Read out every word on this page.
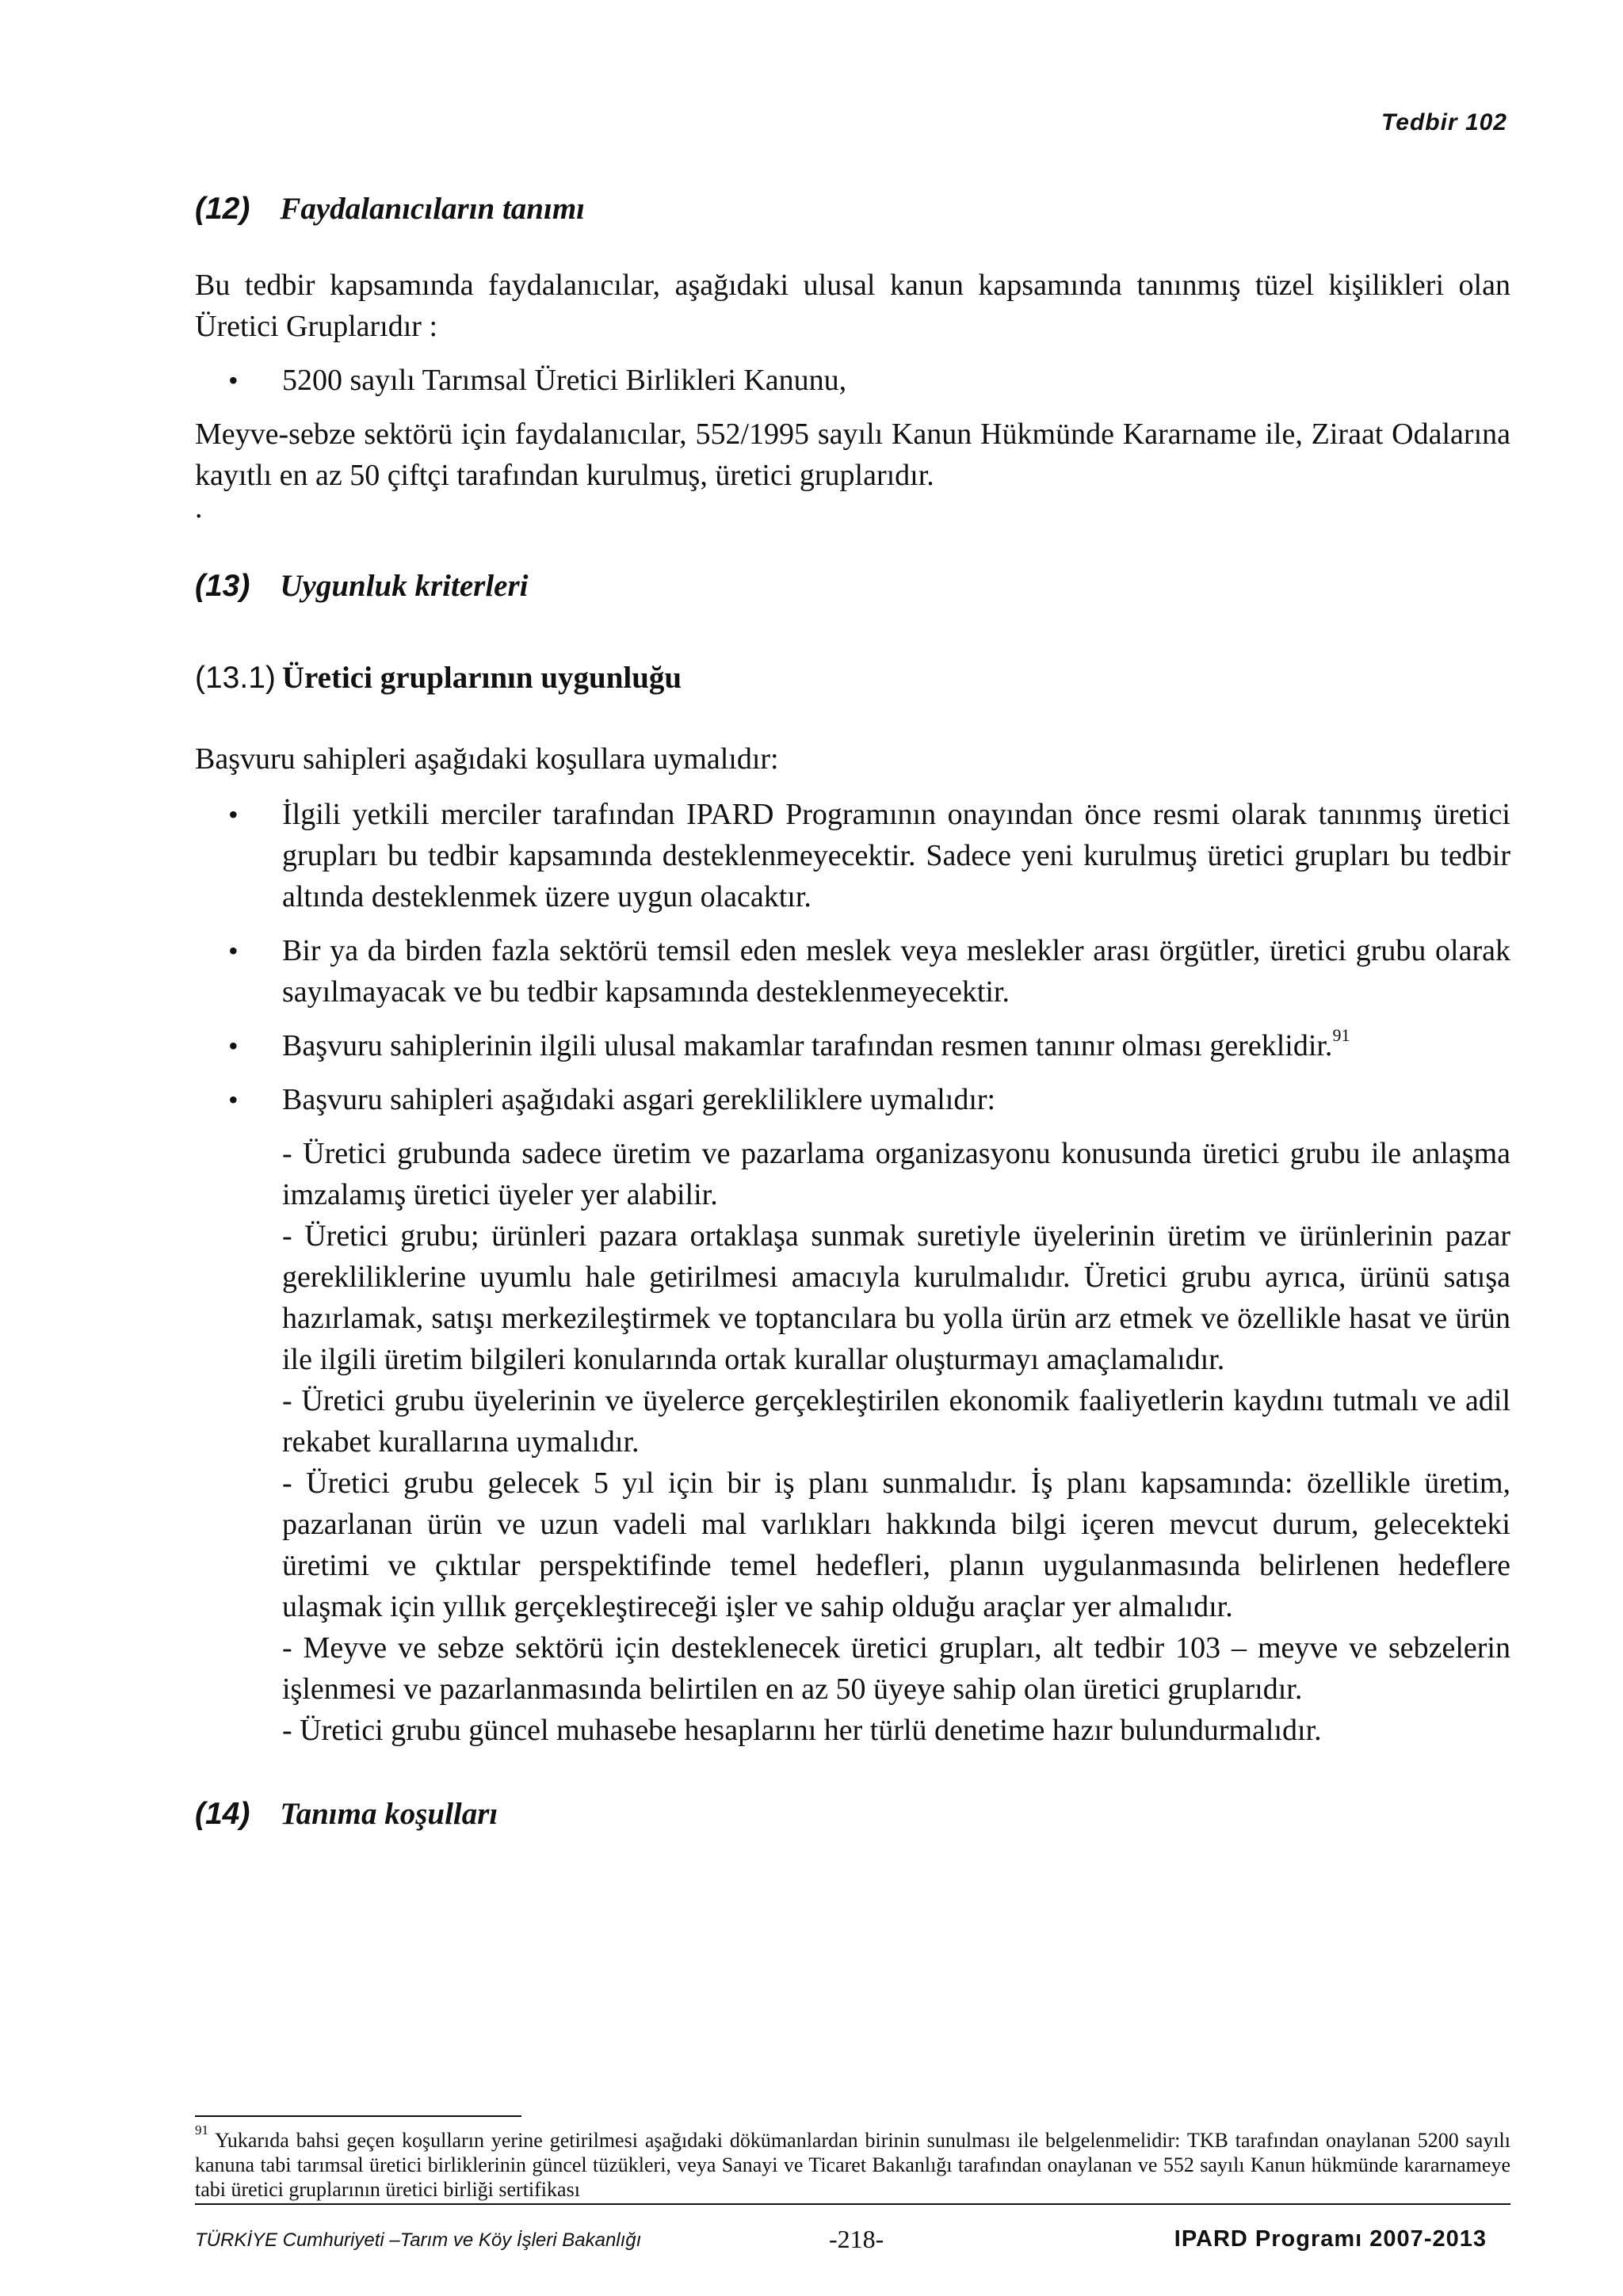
Tedbir 102
(12) Faydalanıcıların tanımı

Bu tedbir kapsamında faydalanıcılar, aşağıdaki ulusal kanun kapsamında tanınmış tüzel kişilikleri olan Üretici Gruplarıdır :

• 5200 sayılı Tarımsal Üretici Birlikleri Kanunu,

Meyve-sebze sektörü için faydalanıcılar, 552/1995 sayılı Kanun Hükmünde Kararname ile, Ziraat Odalarına kayıtlı en az 50 çiftçi tarafından kurulmuş, üretici gruplarıdır.

.

(13) Uygunluk kriterleri
(13.1) Üretici gruplarının uygunluğu

Başvuru sahipleri aşağıdaki koşullara uymalıdır:

• İlgili yetkili merciler tarafından IPARD Programının onayından önce resmi olarak tanınmış üretici grupları bu tedbir kapsamında desteklenmeyecektir. Sadece yeni kurulmuş üretici grupları bu tedbir altında desteklenmek üzere uygun olacaktır.
• Bir ya da birden fazla sektörü temsil eden meslek veya meslekler arası örgütler, üretici grubu olarak sayılmayacak ve bu tedbir kapsamında desteklenmeyecektir.
• Başvuru sahiplerinin ilgili ulusal makamlar tarafından resmen tanınır olması gereklidir.$^{91}$
• Başvuru sahipleri aşağıdaki asgari gerekliliklere uymalıdır:

- Üretici grubunda sadece üretim ve pazarlama organizasyonu konusunda üretici grubu ile anlaşma imzalamış üretici üyeler yer alabilir.

- Üretici grubu; ürünleri pazara ortaklaşa sunmak suretiyle üyelerinin üretim ve ürünlerinin pazar gerekliliklerine uyumlu hale getirilmesi amacıyla kurulmalıdır. Üretici grubu ayrıca, ürünü satışa hazırlamak, satışı merkezileştirmek ve toptancılara bu yolla ürün arz etmek ve özellikle hasat ve ürün ile ilgili üretim bilgileri konularında ortak kurallar oluşturmayı amaçlamalıdır.

- Üretici grubu üyelerinin ve üyelerce gerçekleştirilen ekonomik faaliyetlerin kaydını tutmalı ve adil rekabet kurallarına uymalıdır.

- Üretici grubu gelecek 5 yıl için bir iş planı sunmalıdır. İş planı kapsamında: özellikle üretim, pazarlanan ürün ve uzun vadeli mal varlıkları hakkında bilgi içeren mevcut durum, gelecekteki üretimi ve çıktılar perspektifinde temel hedefleri, planın uygulanmasında belirlenen hedeflere ulaşmak için yıllık gerçekleştireceği işler ve sahip olduğu araçlar yer almalıdır.

- Meyve ve sebze sektörü için desteklenecek üretici grupları, alt tedbir 103 – meyve ve sebzelerin işlenmesi ve pazarlanmasında belirtilen en az 50 üyeye sahip olan üretici gruplarıdır.

- Üretici grubu güncel muhasebe hesaplarını her türlü denetime hazır bulundurmalıdır.

(14) Tanıma koşulları
$^{91}$ Yukarıda bahsi geçen koşulların yerine getirilmesi aşağıdaki dökümanlardan birinin sunulması ile belgelenmelidir: TKB tarafından onaylanan 5200 sayılı kanuna tabi tarımsal üretici birliklerinin güncel tüzükleri, veya Sanayi ve Ticaret Bakanlığı tarafından onaylanan ve 552 sayılı Kanun hükmünde kararnameye tabi üretici gruplarının üretici birliği sertifikası
TÜRKİYE Cumhuriyeti –Tarım ve Köy İşleri Bakanlığı	-218-	IPARD Programı 2007-2013
